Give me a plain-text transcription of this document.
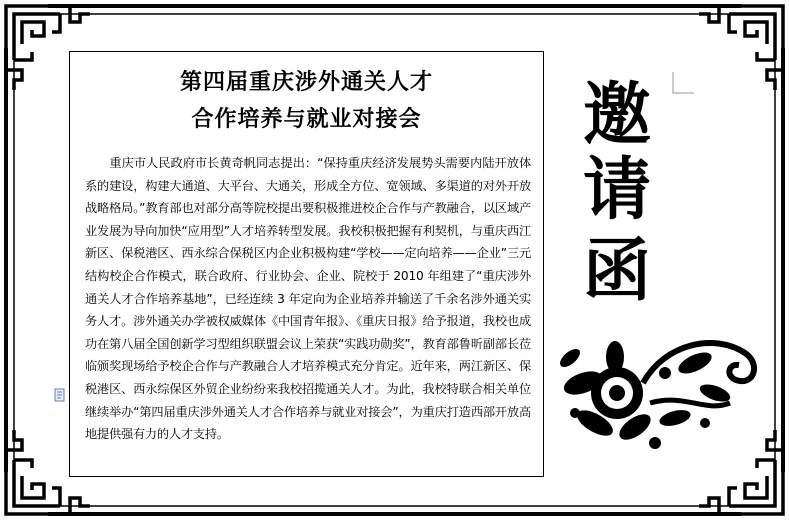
第四届重庆涉外通关人才
合作培养与就业对接会

重庆市人民政府市长黄奇帆同志提出：“保持重庆经济发展势头需要内陆开放体系的建设，构建大通道、大平台、大通关，形成全方位、宽领域、多渠道的对外开放战略格局。”教育部也对部分高等院校提出要积极推进校企合作与产教融合，以区域产业发展为导向加快“应用型”人才培养转型发展。我校积极把握有利契机，与重庆西江新区、保税港区、西永综合保税区内企业积极构建“学校——定向培养——企业”三元结构校企合作模式，联合政府、行业协会、企业、院校于 2010 年组建了“重庆涉外通关人才合作培养基地”，已经连续 3 年定向为企业培养并输送了千余名涉外通关实务人才。涉外通关办学被权威媒体《中国青年报》、《重庆日报》给予报道，我校也成功在第八届全国创新学习型组织联盟会议上荣获“实践功勋奖”，教育部鲁昕副部长莅临颁奖现场给予校企合作与产教融合人才培养模式充分肯定。近年来，两江新区、保税港区、西永综保区外贸企业纷纷来我校招揽通关人才。为此，我校特联合相关单位继续举办“第四届重庆涉外通关人才合作培养与就业对接会”，为重庆打造西部开放高地提供强有力的人才支持。

邀
请
函
